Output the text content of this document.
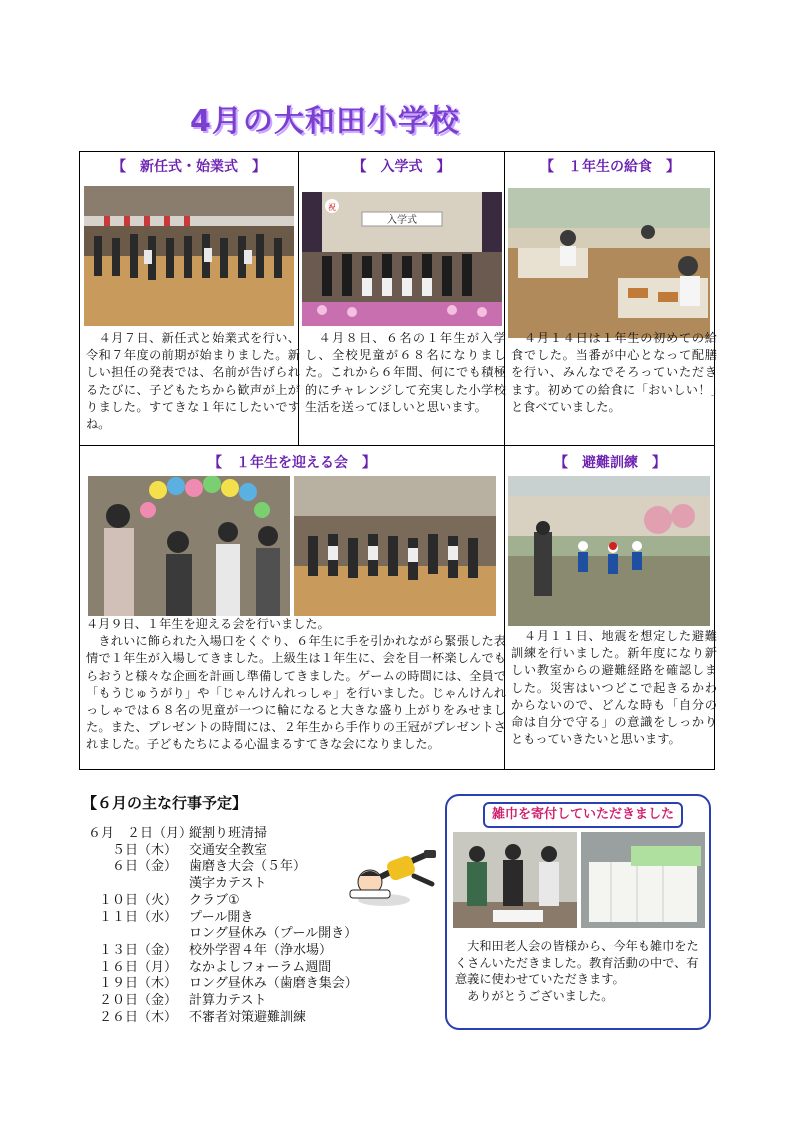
4月の大和田小学校
【　新任式・始業式　】
　４月７日、新任式と始業式を行い、令和７年度の前期が始まりました。新しい担任の発表では、名前が告げられるたびに、子どもたちから歓声が上がりました。すてきな１年にしたいですね。
【　入学式　】
入学式
祝
　４月８日、６名の１年生が入学し、全校児童が６８名になりました。これから６年間、何にでも積極的にチャレンジして充実した小学校生活を送ってほしいと思います。
【　１年生の給食　】
　４月１４日は１年生の初めての給食でした。当番が中心となって配膳を行い、みんなでそろっていただきます。初めての給食に「おいしい！」と食べていました。
【　１年生を迎える会　】
４月９日、１年生を迎える会を行いました。
　きれいに飾られた入場口をくぐり、６年生に手を引かれながら緊張した表情で１年生が入場してきました。上級生は１年生に、会を目一杯楽しんでもらおうと様々な企画を計画し準備してきました。ゲームの時間には、全員で「もうじゅうがり」や「じゃんけんれっしゃ」を行いました。じゃんけんれっしゃでは６８名の児童が一つに輪になると大きな盛り上がりをみせました。また、プレゼントの時間には、２年生から手作りの王冠がプレゼントされました。子どもたちによる心温まるすてきな会になりました。
【　避難訓練　】
　４月１１日、地震を想定した避難訓練を行いました。新年度になり新しい教室からの避難経路を確認しました。災害はいつどこで起きるかわからないので、どんな時も「自分の命は自分で守る」の意識をしっかりともっていきたいと思います。
【６月の主な行事予定】
６月　２日（月）
縦割り班清掃
５日（木） 交通安全教室
６日（金） 歯磨き大会（５年）
漢字カテスト
１０日（火） クラブ①
１１日（水） プール開き
ロング昼休み（プール開き）
１３日（金） 校外学習４年（浄水場）
１６日（月） なかよしフォーラム週間
１９日（木） ロング昼休み（歯磨き集会）
２０日（金） 計算力テスト
２６日（木） 不審者対策避難訓練
雑巾を寄付していただきました
　大和田老人会の皆様から、今年も雑巾をたくさんいただきました。教育活動の中で、有意義に使わせていただきます。
　ありがとうございました。
